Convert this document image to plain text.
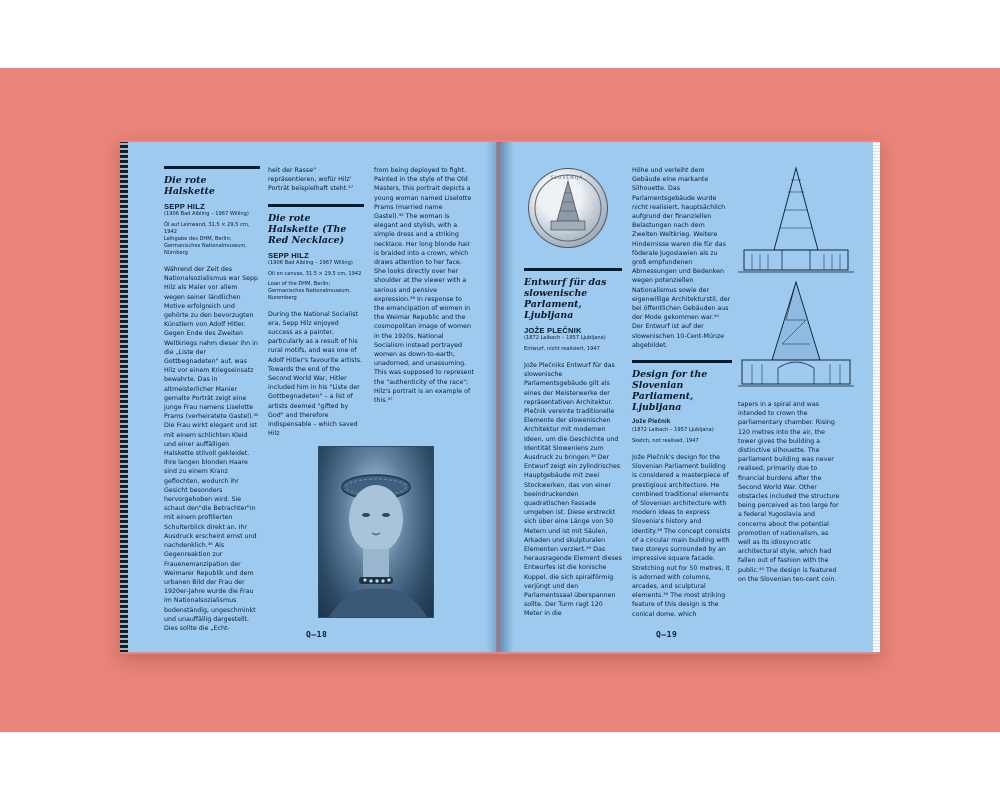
Die rote Halskette
SEPP HILZ
(1906 Bad Aibling – 1967 Willing)
Öl auf Leinwand, 31,5 × 29,5 cm, 1942
Leihgabe des DHM, Berlin; Germanisches Nationalmuseum, Nürnberg

Während der Zeit des Nationalsozialismus war Sepp Hilz als Maler vor allem wegen seiner ländlichen Motive erfolgreich und gehörte zu den bevorzugten Künstlern von Adolf Hitler. Gegen Ende des Zweiten Weltkriegs nahm dieser ihn in die „Liste der Gottbegnadeten" auf, was Hilz vor einem Kriegseinsatz bewahrte. Das in altmeisterlicher Manier gemalte Porträt zeigt eine junge Frau namens Liselotte Prams (verheiratete Gastel).³⁵ Die Frau wirkt elegant und ist mit einem schlichten Kleid und einer auffälligen Halskette stilvoll gekleidet. Ihre langen blonden Haare sind zu einem Kranz geflochten, wodurch ihr Gesicht besonders hervorgehoben wird. Sie schaut den"die Betrachter"in mit einem profilierten Schulterblick direkt an. Ihr Ausdruck erscheint ernst und nachdenklich.³⁶ Als Gegenreaktion zur Frauenemanzipation der Weimarer Republik und dem urbanen Bild der Frau der 1920er-Jahre wurde die Frau im Nationalsozialismus bodenständig, ungeschminkt und unauffällig dargestellt. Dies sollte die „Echt-

heit der Rasse" repräsentieren, wofür Hilz' Porträt beispielhaft steht.³⁷

Die rote Halskette (The Red Necklace)
SEPP HILZ
(1906 Bad Aibling – 1967 Willing)
Oil on canvas, 31.5 × 29.5 cm, 1942
Loan of the DHM, Berlin; Germanisches Nationalmuseum, Nuremberg

During the National Socialist era, Sepp Hilz enjoyed success as a painter, particularly as a result of his rural motifs, and was one of Adolf Hitler's favourite artists. Towards the end of the Second World War, Hitler included him in his "Liste der Gottbegnadeten" – a list of artists deemed "gifted by God" and therefore indispensable – which saved Hilz

from being deployed to fight. Painted in the style of the Old Masters, this portrait depicts a young woman named Liselotte Prams (married name Gastel).³⁵ The woman is elegant and stylish, with a simple dress and a striking necklace. Her long blonde hair is braided into a crown, which draws attention to her face. She looks directly over her shoulder at the viewer with a serious and pensive expression.³⁶ In response to the emancipation of women in the Weimar Republic and the cosmopolitan image of women in the 1920s, National Socialism instead portrayed women as down-to-earth, unadorned, and unassuming. This was supposed to represent the "authenticity of the race"; Hilz's portrait is an example of this.³⁷

Q—18
SLOVENIJA
Entwurf für das slowenische Parlament, Ljubljana
JOŽE PLEČNIK
(1872 Laibach – 1957 Ljubljana)
Entwurf, nicht realisiert, 1947

Jože Plečniks Entwurf für das slowenische Parlamentsgebäude gilt als eines der Meisterwerke der repräsentativen Architektur. Plečnik vereinte traditionelle Elemente der slowenischen Architektur mit modernen Ideen, um die Geschichte und Identität Sloweniens zum Ausdruck zu bringen.³⁸ Der Entwurf zeigt ein zylindrisches Hauptgebäude mit zwei Stockwerken, das von einer beeindruckenden quadratischen Fassade umgeben ist. Diese erstreckt sich über eine Länge von 50 Metern und ist mit Säulen, Arkaden und skulpturalen Elementen verziert.³⁹ Das herausragende Element dieses Entwurfes ist die konische Kuppel, die sich spiralförmig verjüngt und den Parlamentssaal überspannen sollte. Der Turm ragt 120 Meter in die

Höhe und verleiht dem Gebäude eine markante Silhouette. Das Parlamentsgebäude wurde nicht realisiert, hauptsächlich aufgrund der finanziellen Belastungen nach dem Zweiten Weltkrieg. Weitere Hindernisse waren die für das föderale Jugoslawien als zu groß empfundenen Abmessungen und Bedenken wegen potenziellen Nationalismus sowie der eigenwillige Architekturstil, der bei öffentlichen Gebäuden aus der Mode gekommen war.⁴⁰ Der Entwurf ist auf der slowenischen 10-Cent-Münze abgebildet.

Design for the Slovenian Parliament, Ljubljana
Jože Plečnik
(1872 Laibach – 1957 Ljubljana)
Sketch, not realised, 1947

Jože Plečnik's design for the Slovenian Parliament building is considered a masterpiece of prestigious architecture. He combined traditional elements of Slovenian architecture with modern ideas to express Slovenia's history and identity.³⁸ The concept consists of a circular main building with two storeys surrounded by an impressive square facade. Stretching out for 50 metres, it is adorned with columns, arcades, and sculptural elements.³⁹ The most striking feature of this design is the conical dome, which

tapers in a spiral and was intended to crown the parliamentary chamber. Rising 120 metres into the air, the tower gives the building a distinctive silhouette. The parliament building was never realised, primarily due to financial burdens after the Second World War. Other obstacles included the structure being perceived as too large for a federal Yugoslavia and concerns about the potential promotion of nationalism, as well as its idiosyncratic architectural style, which had fallen out of fashion with the public.⁴⁰ The design is featured on the Slovenian ten-cent coin.

Q—19
